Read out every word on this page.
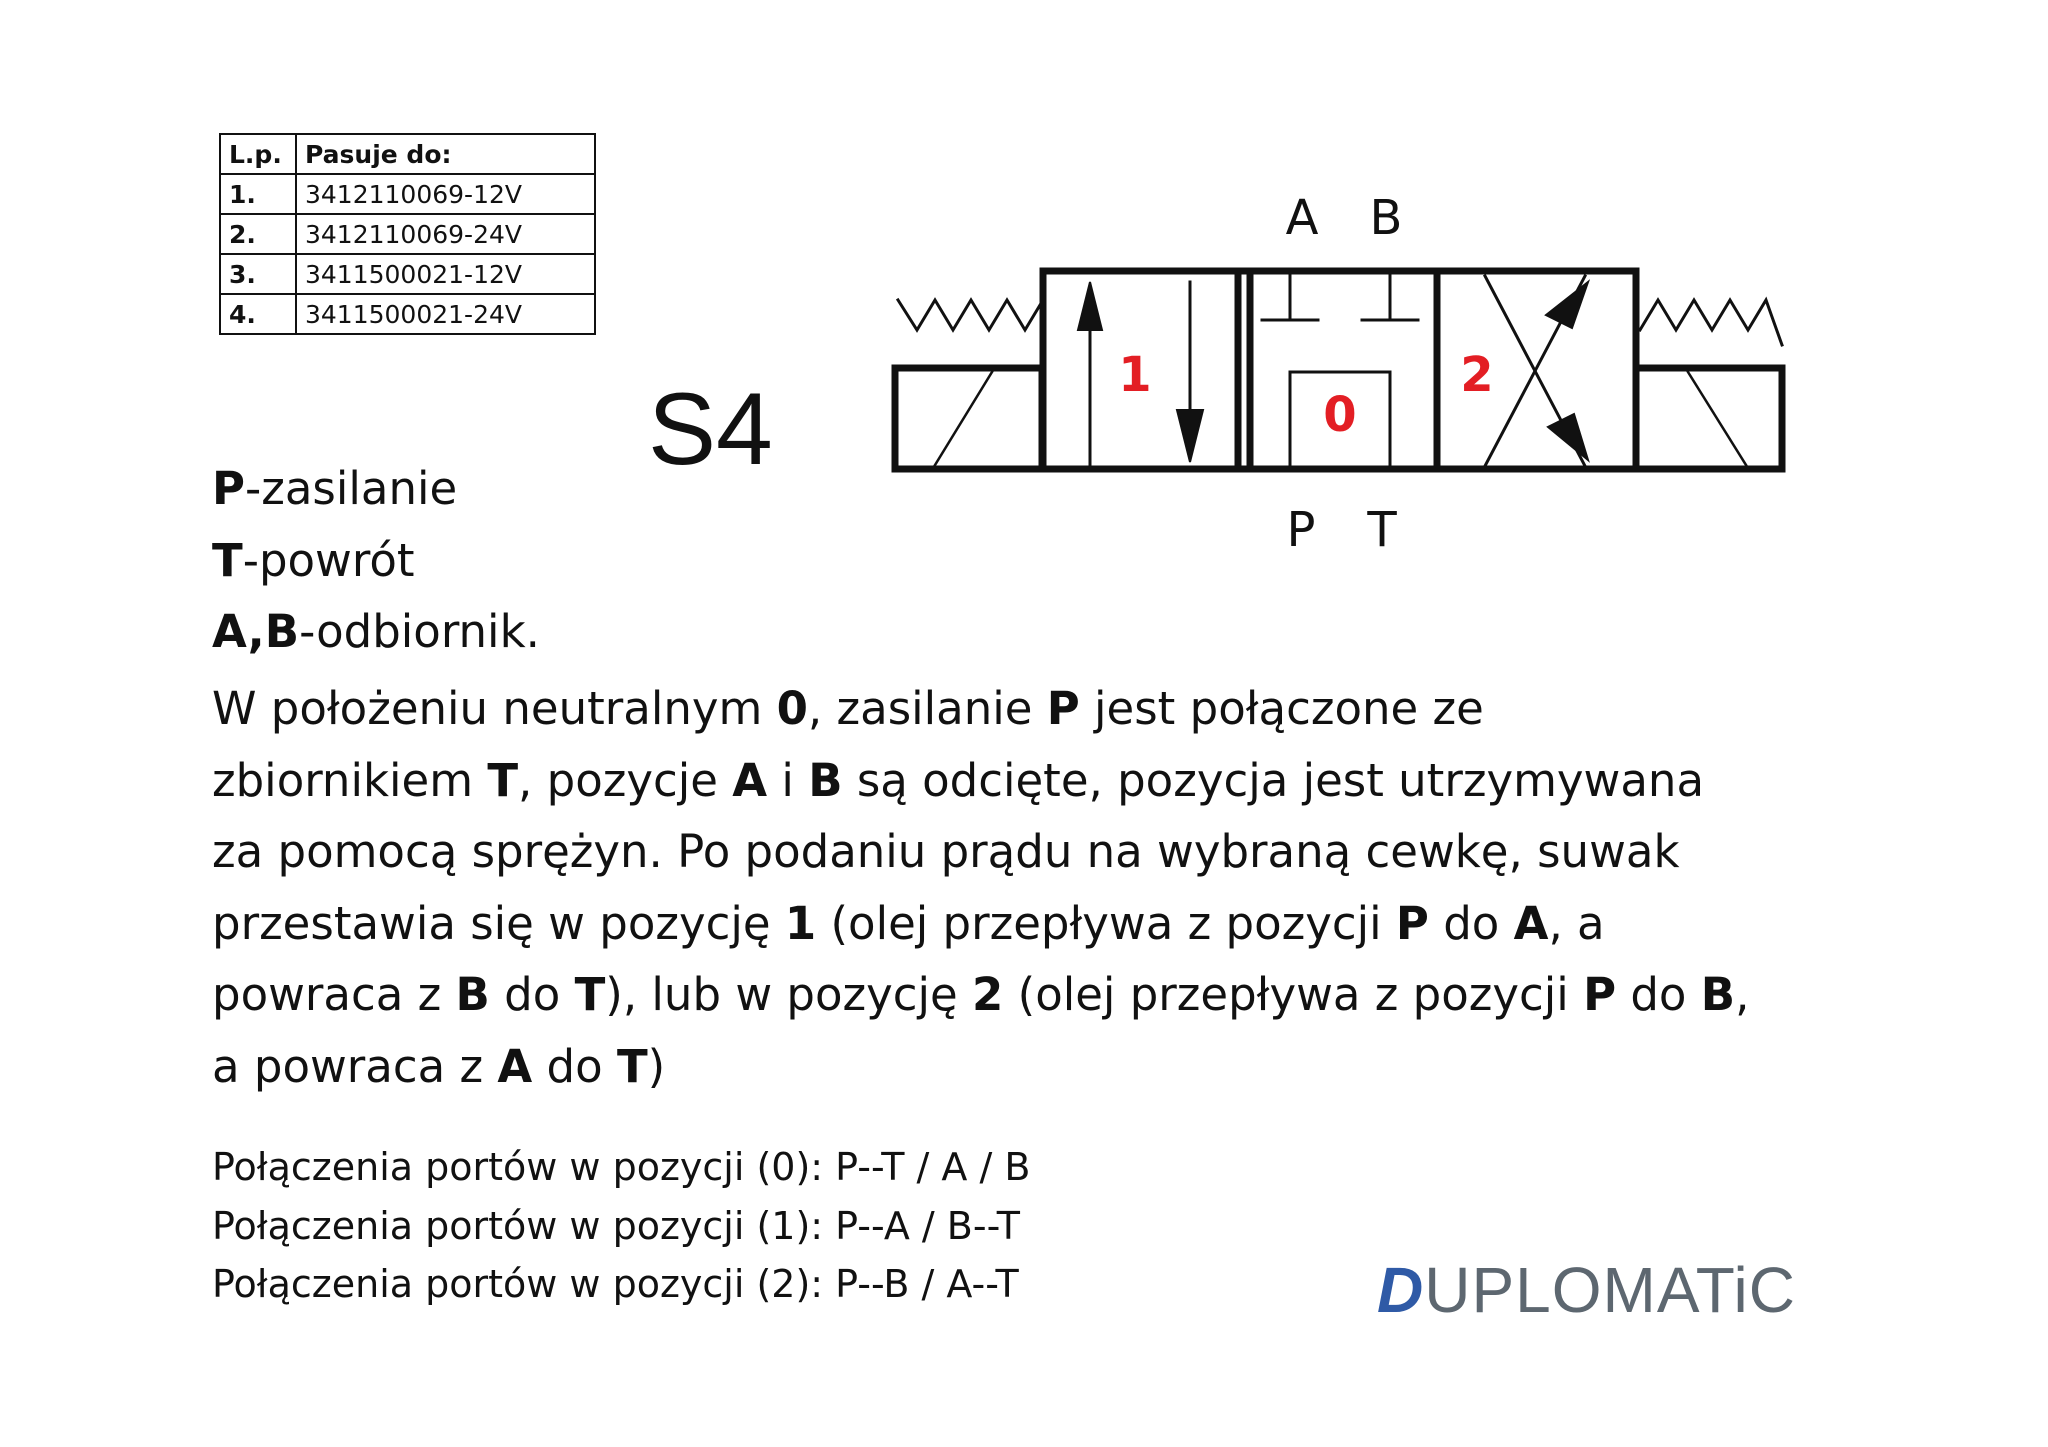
L.p.	Pasuje do:
1.	3412110069-12V
2.	3412110069-24V
3.	3411500021-12V
4.	3411500021-24V
S4
A B
P T
1
0
2
P-zasilanie
T-powrót
A,B-odbiornik.
W położeniu neutralnym 0, zasilanie P jest połączone ze
zbiornikiem T, pozycje A i B są odcięte, pozycja jest utrzymywana
za pomocą sprężyn. Po podaniu prądu na wybraną cewkę, suwak
przestawia się w pozycję 1 (olej przepływa z pozycji P do A, a
powraca z B do T), lub w pozycję 2 (olej przepływa z pozycji P do B,
a powraca z A do T)
Połączenia portów w pozycji (0): P--T / A / B
Połączenia portów w pozycji (1): P--A / B--T
Połączenia portów w pozycji (2): P--B / A--T	DUPLOMATiC
